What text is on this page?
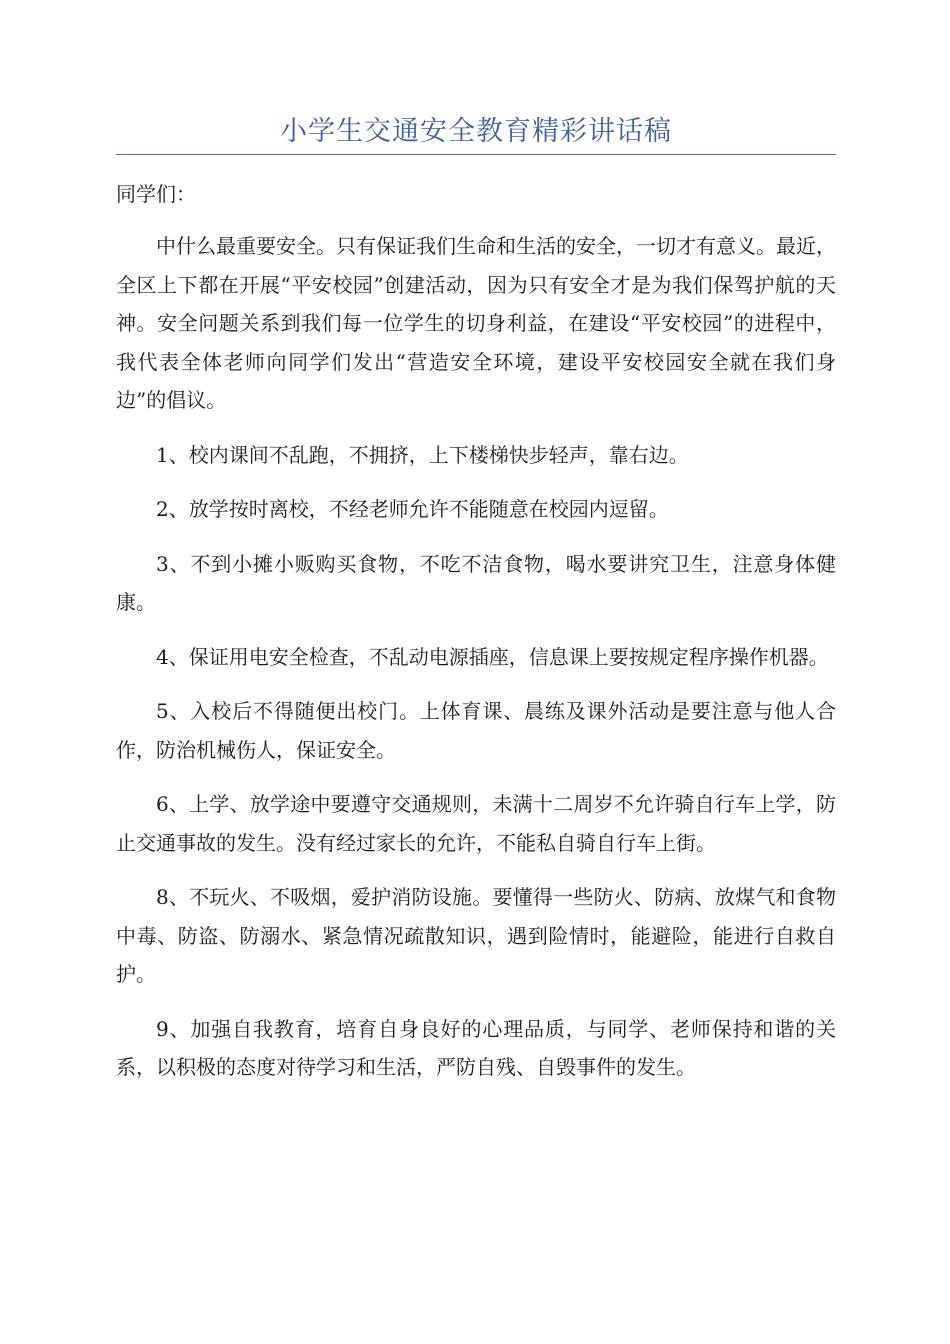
小学生交通安全教育精彩讲话稿

同学们：

中什么最重要安全。只有保证我们生命和生活的安全，一切才有意义。最近，全区上下都在开展“平安校园”创建活动，因为只有安全才是为我们保驾护航的天神。安全问题关系到我们每一位学生的切身利益，在建设“平安校园”的进程中，我代表全体老师向同学们发出“营造安全环境，建设平安校园安全就在我们身边”的倡议。

1、校内课间不乱跑，不拥挤，上下楼梯快步轻声，靠右边。

2、放学按时离校，不经老师允许不能随意在校园内逗留。

3、不到小摊小贩购买食物，不吃不洁食物，喝水要讲究卫生，注意身体健康。

4、保证用电安全检查，不乱动电源插座，信息课上要按规定程序操作机器。

5、入校后不得随便出校门。上体育课、晨练及课外活动是要注意与他人合作，防治机械伤人，保证安全。

6、上学、放学途中要遵守交通规则，未满十二周岁不允许骑自行车上学，防止交通事故的发生。没有经过家长的允许，不能私自骑自行车上街。

8、不玩火、不吸烟，爱护消防设施。要懂得一些防火、防病、放煤气和食物中毒、防盗、防溺水、紧急情况疏散知识，遇到险情时，能避险，能进行自救自护。

9、加强自我教育，培育自身良好的心理品质，与同学、老师保持和谐的关系，以积极的态度对待学习和生活，严防自残、自毁事件的发生。
